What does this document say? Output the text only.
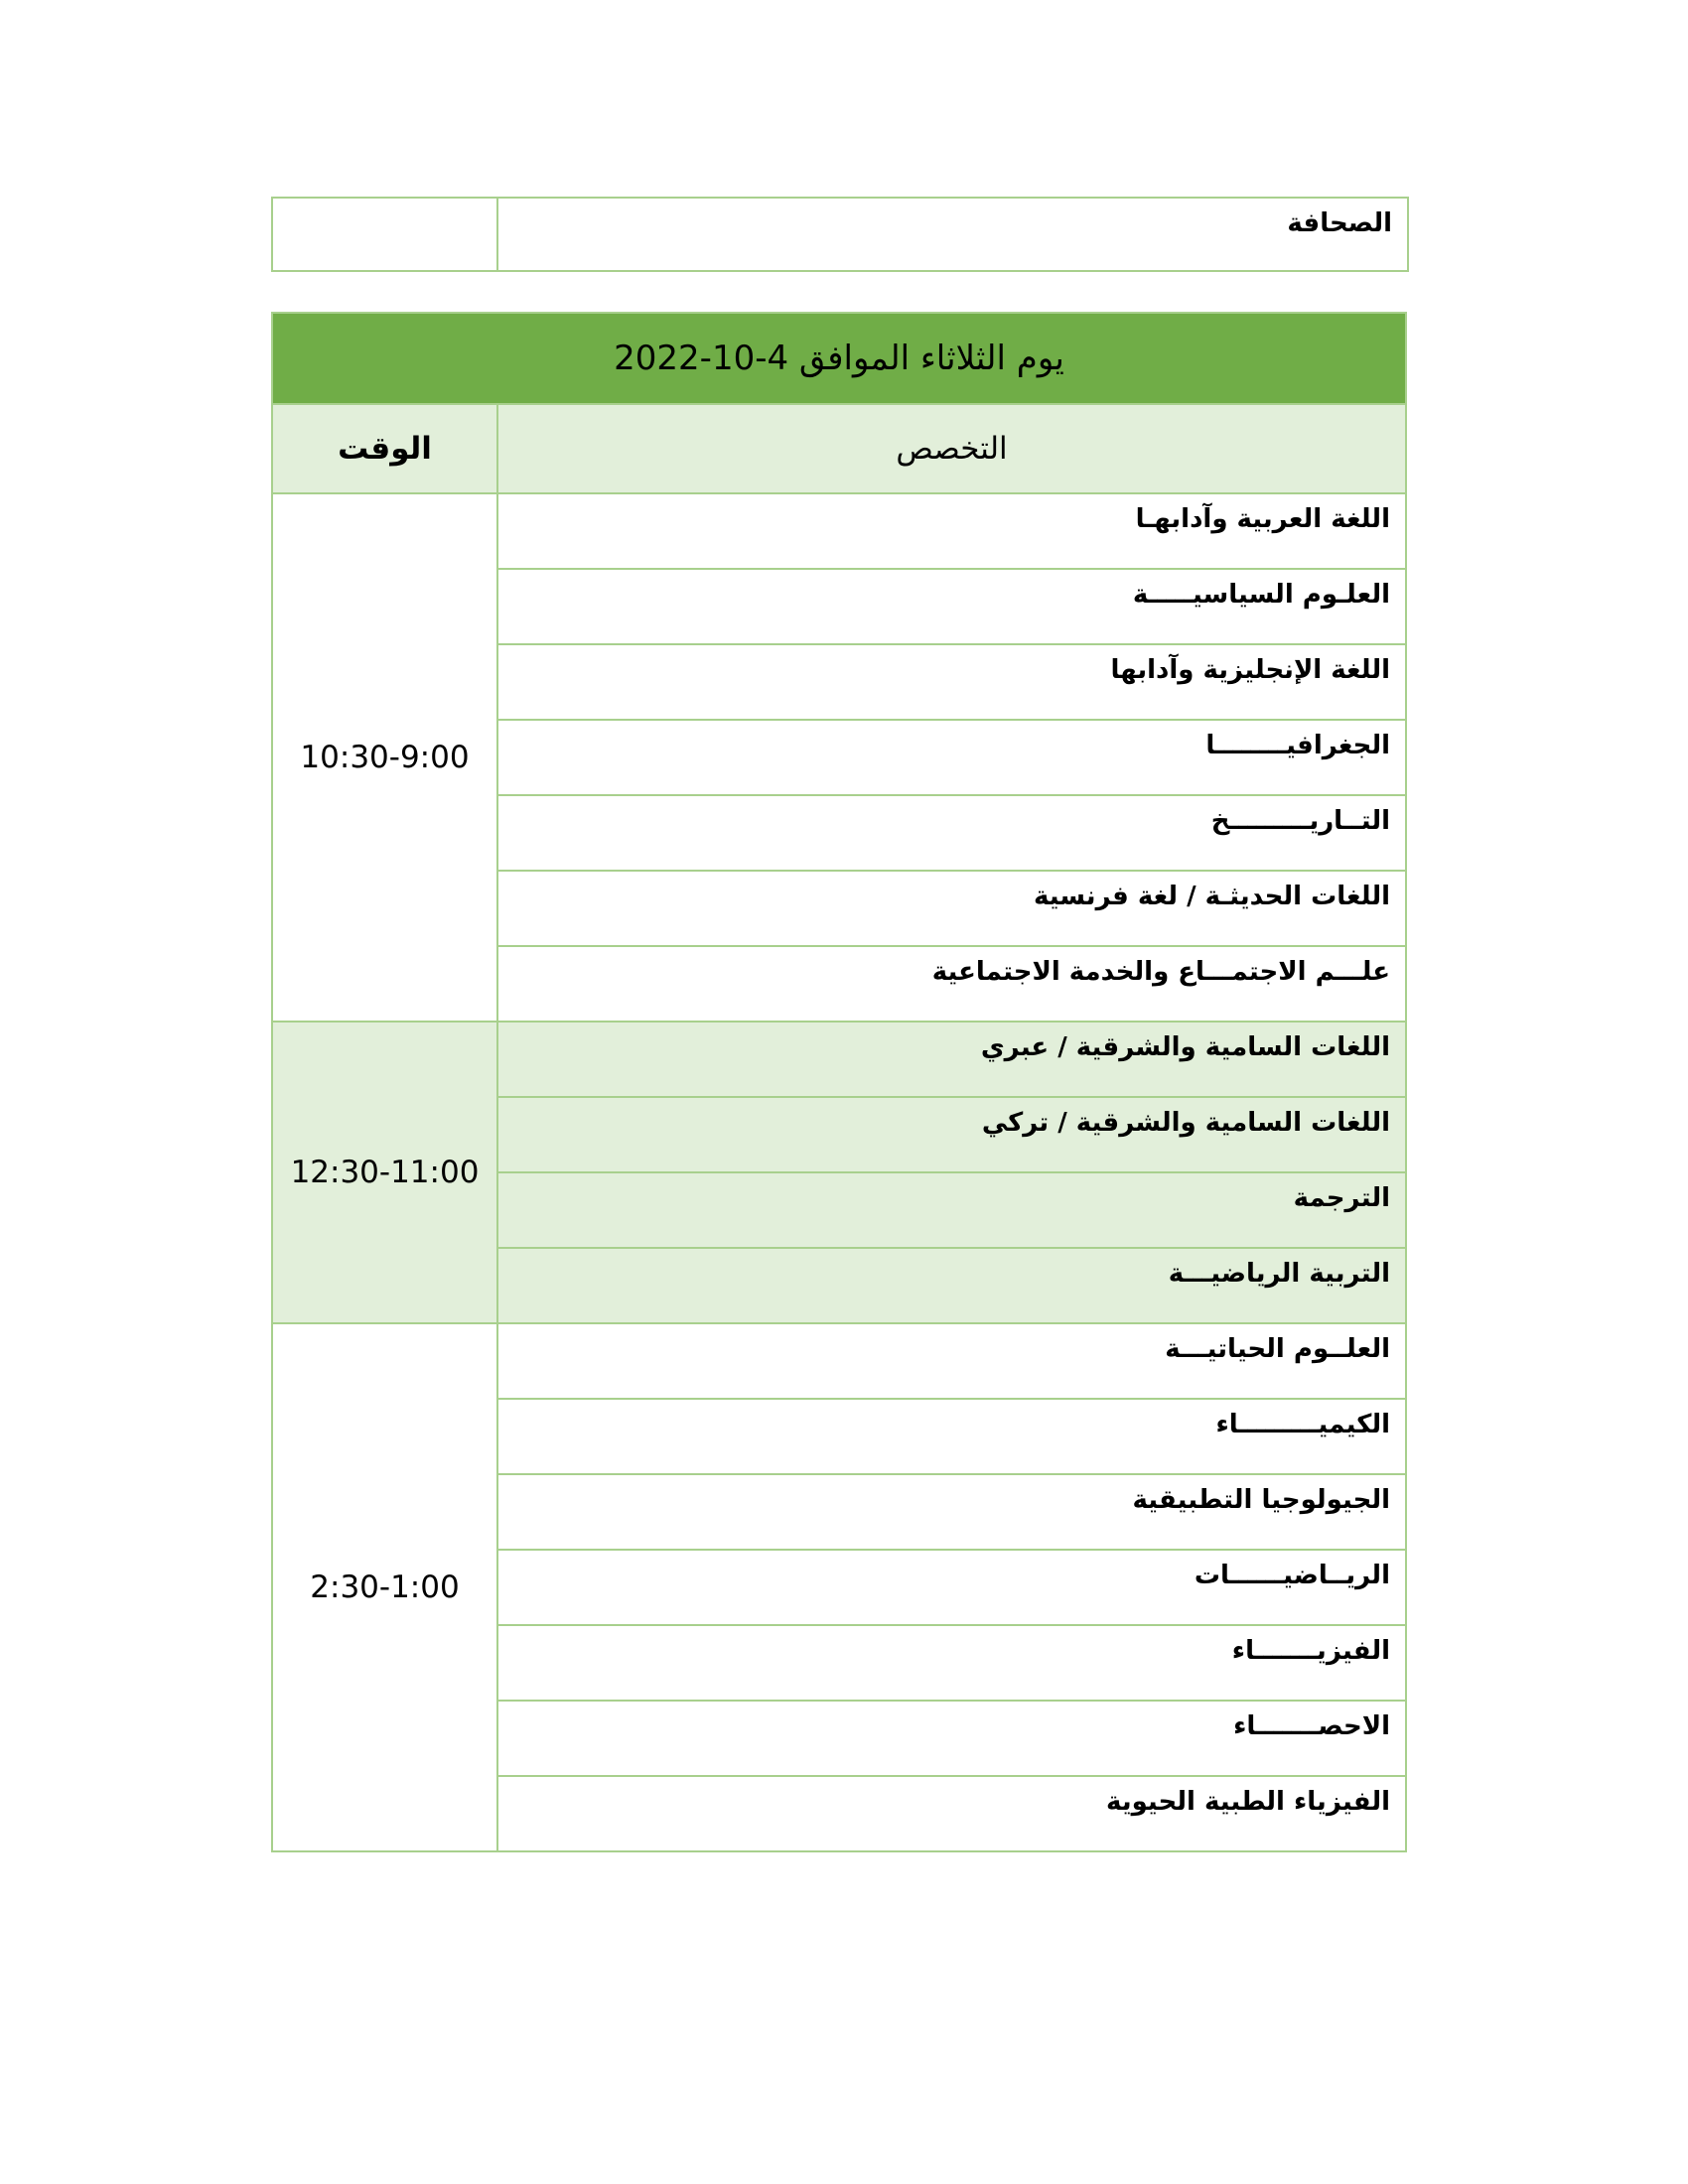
الصحافة

يوم الثلاثاء الموافق 4-10-2022	
التخصص	الوقت

اللغة العربية وآدابهـا	10:30-9:00

العلـوم السياسيـــــة	

اللغة الإنجليزية وآدابها	

الجغرافيــــــــا	

التــاريـــــــــخ	

اللغات الحديثـة / لغة فرنسية	

علـــم الاجتمـــاع والخدمة الاجتماعية	

اللغات السامية والشرقية / عبري	12:30-11:00

اللغات السامية والشرقية / تركي	

الترجمة	

التربية الرياضيـــة	

العلــوم الحياتيـــة	2:30-1:00

الكيميـــــــــاء	

الجيولوجيا التطبيقية	

الريــاضيــــــات	

الفيزيـــــــاء	

الاحصـــــــاء	

الفيزياء الطبية الحيوية	
